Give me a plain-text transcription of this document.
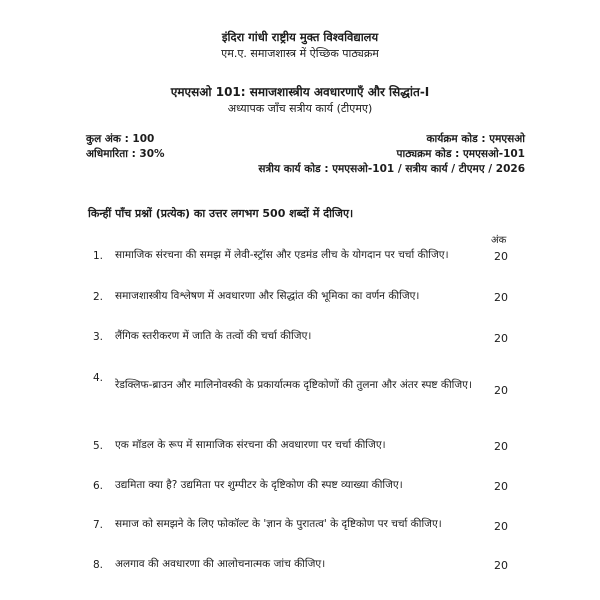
इंदिरा गांधी राष्ट्रीय मुक्त विश्वविद्यालय
एम.ए. समाजशास्त्र में ऐच्छिक पाठ्यक्रम
एमएसओ 101: समाजशास्त्रीय अवधारणाएँ और सिद्धांत-I
अध्यापक जाँच सत्रीय कार्य (टीएमए)
कुल अंक : 100
अधिमारिता : 30%
कार्यक्रम कोड : एमएसओ
पाठ्यक्रम कोड : एमएसओ-101
सत्रीय कार्य कोड : एमएसओ-101 / सत्रीय कार्य / टीएमए / 2026
किन्हीं पाँच प्रश्नों (प्रत्येक) का उत्तर लगभग 500 शब्दों में दीजिए।
अंक
1. सामाजिक संरचना की समझ में लेवी-स्ट्रॉस और एडमंड लीच के योगदान पर चर्चा कीजिए।	20
2. समाजशास्त्रीय विश्लेषण में अवधारणा और सिद्धांत की भूमिका का वर्णन कीजिए।	20
3. लैंगिक स्तरीकरण में जाति के तत्वों की चर्चा कीजिए।	20
4.
रेडक्लिफ-ब्राउन और मालिनोवस्की के प्रकार्यात्मक दृष्टिकोणों की तुलना और अंतर स्पष्ट कीजिए। 20
5. एक मॉडल के रूप में सामाजिक संरचना की अवधारणा पर चर्चा कीजिए।	20
6. उद्यमिता क्या है? उद्यमिता पर शुम्पीटर के दृष्टिकोण की स्पष्ट व्याख्या कीजिए।	20
7. समाज को समझने के लिए फोकॉल्ट के 'ज्ञान के पुरातत्व' के दृष्टिकोण पर चर्चा कीजिए।	20
8. अलगाव की अवधारणा की आलोचनात्मक जांच कीजिए।	20
